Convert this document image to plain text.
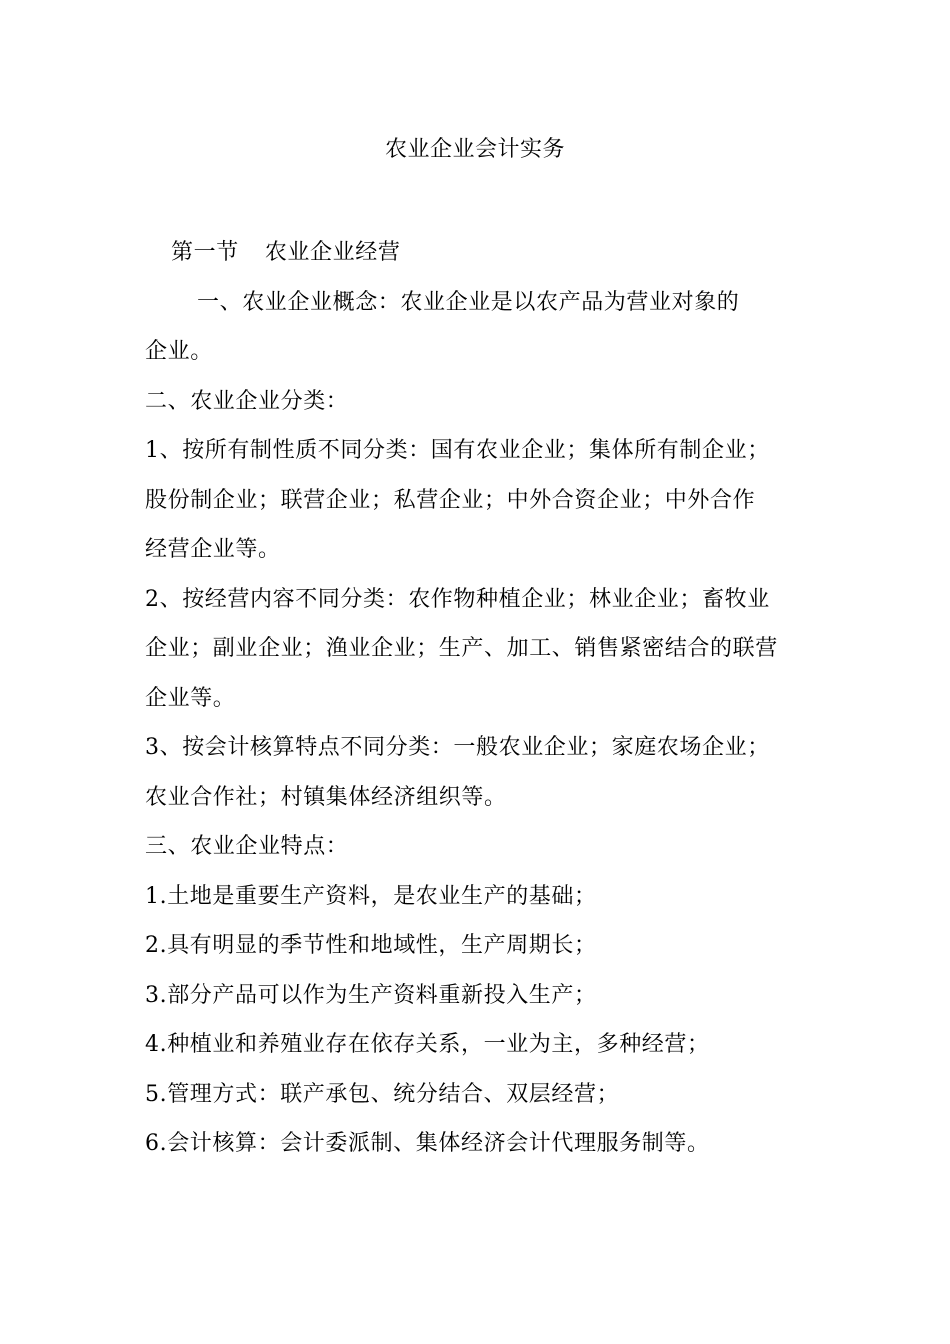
农业企业会计实务
第一节 农业企业经营
一、农业企业概念：农业企业是以农产品为营业对象的
企业。
二、农业企业分类：
1、按所有制性质不同分类：国有农业企业；集体所有制企业；
股份制企业；联营企业；私营企业；中外合资企业；中外合作
经营企业等。
2、按经营内容不同分类：农作物种植企业；林业企业；畜牧业
企业；副业企业；渔业企业；生产、加工、销售紧密结合的联营
企业等。
3、按会计核算特点不同分类：一般农业企业；家庭农场企业；
农业合作社；村镇集体经济组织等。
三、农业企业特点：
1.土地是重要生产资料，是农业生产的基础；
2.具有明显的季节性和地域性，生产周期长；
3.部分产品可以作为生产资料重新投入生产；
4.种植业和养殖业存在依存关系，一业为主，多种经营；
5.管理方式：联产承包、统分结合、双层经营；
6.会计核算：会计委派制、集体经济会计代理服务制等。
